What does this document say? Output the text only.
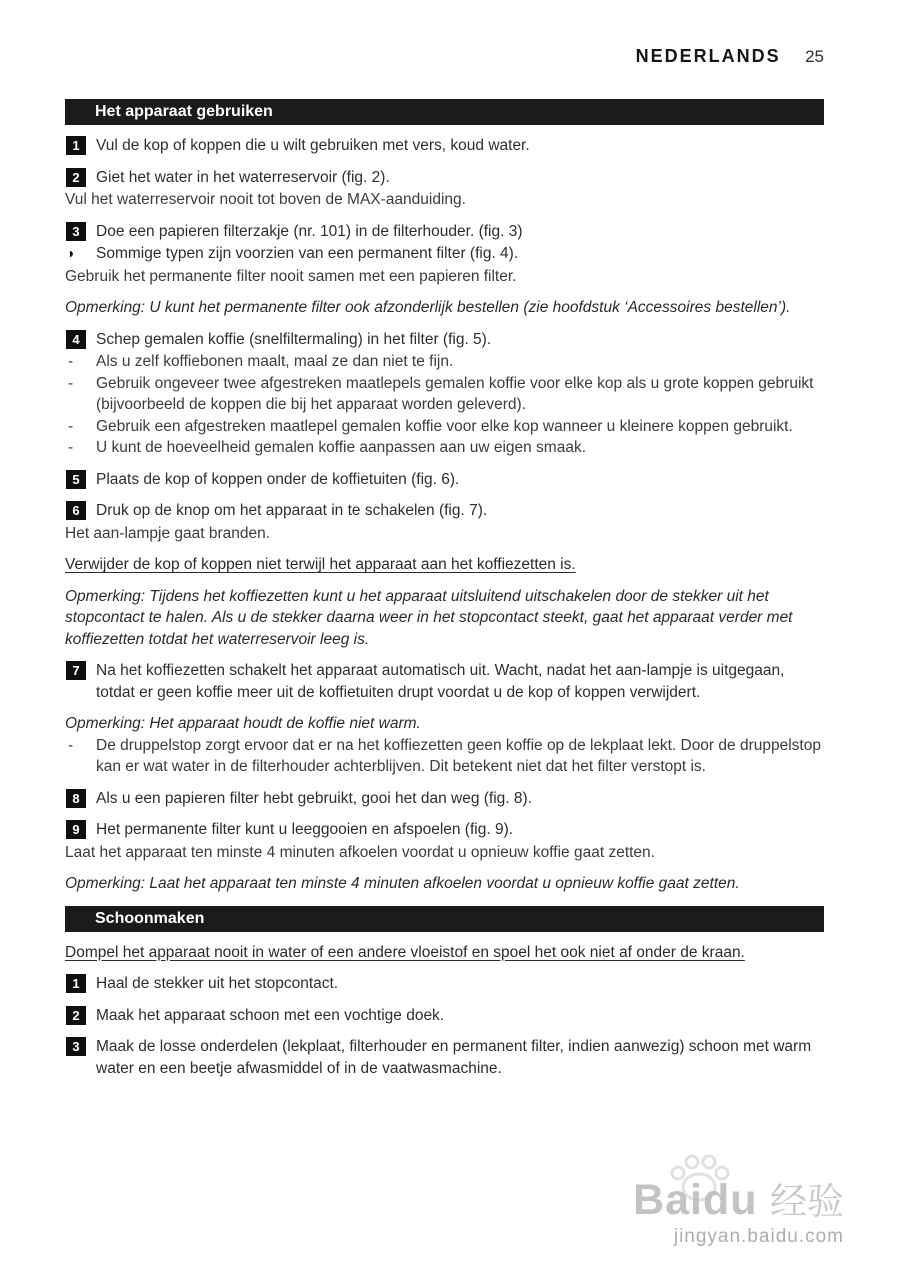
NEDERLANDS 25
Het apparaat gebruiken
1	Vul de kop of koppen die u wilt gebruiken met vers, koud water.
2	Giet het water in het waterreservoir (fig. 2).
Vul het waterreservoir nooit tot boven de MAX-aanduiding.
3	Doe een papieren filterzakje (nr. 101) in de filterhouder. (fig. 3)
◗	Sommige typen zijn voorzien van een permanent filter (fig. 4).
Gebruik het permanente filter nooit samen met een papieren filter.
Opmerking: U kunt het permanente filter ook afzonderlijk bestellen (zie hoofdstuk ‘Accessoires bestellen’).
4	Schep gemalen koffie (snelfiltermaling) in het filter (fig. 5).
-	Als u zelf koffiebonen maalt, maal ze dan niet te fijn.
-	Gebruik ongeveer twee afgestreken maatlepels gemalen koffie voor elke kop als u grote koppen gebruikt (bijvoorbeeld de koppen die bij het apparaat worden geleverd).
-	Gebruik een afgestreken maatlepel gemalen koffie voor elke kop wanneer u kleinere koppen gebruikt.
-	U kunt de hoeveelheid gemalen koffie aanpassen aan uw eigen smaak.
5	Plaats de kop of koppen onder de koffietuiten (fig. 6).
6	Druk op de knop om het apparaat in te schakelen (fig. 7).
Het aan-lampje gaat branden.
Verwijder de kop of koppen niet terwijl het apparaat aan het koffiezetten is.
Opmerking: Tijdens het koffiezetten kunt u het apparaat uitsluitend uitschakelen door de stekker uit het stopcontact te halen. Als u de stekker daarna weer in het stopcontact steekt, gaat het apparaat verder met koffiezetten totdat het waterreservoir leeg is.
7	Na het koffiezetten schakelt het apparaat automatisch uit. Wacht, nadat het aan-lampje is uitgegaan, totdat er geen koffie meer uit de koffietuiten drupt voordat u de kop of koppen verwijdert.
Opmerking: Het apparaat houdt de koffie niet warm.
-	De druppelstop zorgt ervoor dat er na het koffiezetten geen koffie op de lekplaat lekt. Door de druppelstop kan er wat water in de filterhouder achterblijven. Dit betekent niet dat het filter verstopt is.
8	Als u een papieren filter hebt gebruikt, gooi het dan weg (fig. 8).
9	Het permanente filter kunt u leeggooien en afspoelen (fig. 9).
Laat het apparaat ten minste 4 minuten afkoelen voordat u opnieuw koffie gaat zetten.
Opmerking: Laat het apparaat ten minste 4 minuten afkoelen voordat u opnieuw koffie gaat zetten.
Schoonmaken
Dompel het apparaat nooit in water of een andere vloeistof en spoel het ook niet af onder de kraan.
1	Haal de stekker uit het stopcontact.
2	Maak het apparaat schoon met een vochtige doek.
3	Maak de losse onderdelen (lekplaat, filterhouder en permanent filter, indien aanwezig) schoon met warm water en een beetje afwasmiddel of in de vaatwasmachine.
Baidu 经验
jingyan.baidu.com
